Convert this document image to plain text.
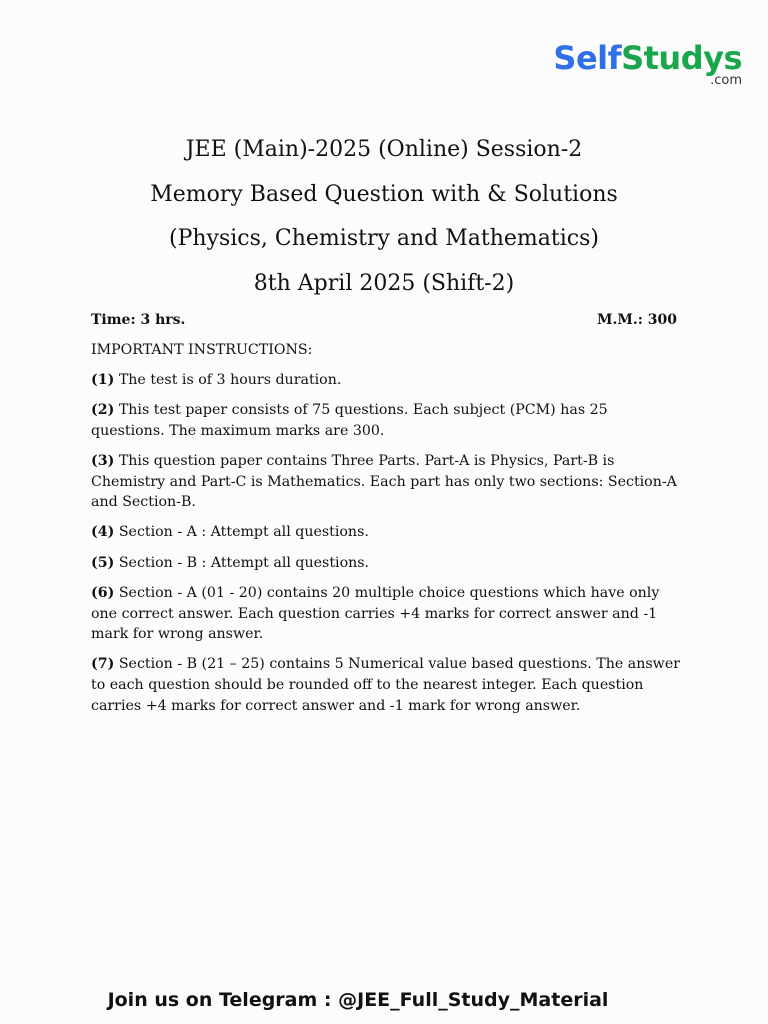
SelfStudys
.com
JEE (Main)-2025 (Online) Session-2
Memory Based Question with & Solutions
(Physics, Chemistry and Mathematics)
8th April 2025 (Shift-2)
Time: 3 hrs.	M.M.: 300

IMPORTANT INSTRUCTIONS:

(1) The test is of 3 hours duration.

(2) This test paper consists of 75 questions. Each subject (PCM) has 25 questions. The maximum marks are 300.

(3) This question paper contains Three Parts. Part-A is Physics, Part-B is Chemistry and Part-C is Mathematics. Each part has only two sections: Section-A and Section-B.

(4) Section - A : Attempt all questions.

(5) Section - B : Attempt all questions.

(6) Section - A (01 - 20) contains 20 multiple choice questions which have only one correct answer. Each question carries +4 marks for correct answer and -1 mark for wrong answer.

(7) Section - B (21 – 25) contains 5 Numerical value based questions. The answer to each question should be rounded off to the nearest integer. Each question carries +4 marks for correct answer and -1 mark for wrong answer.

Join us on Telegram : @JEE_Full_Study_Material
